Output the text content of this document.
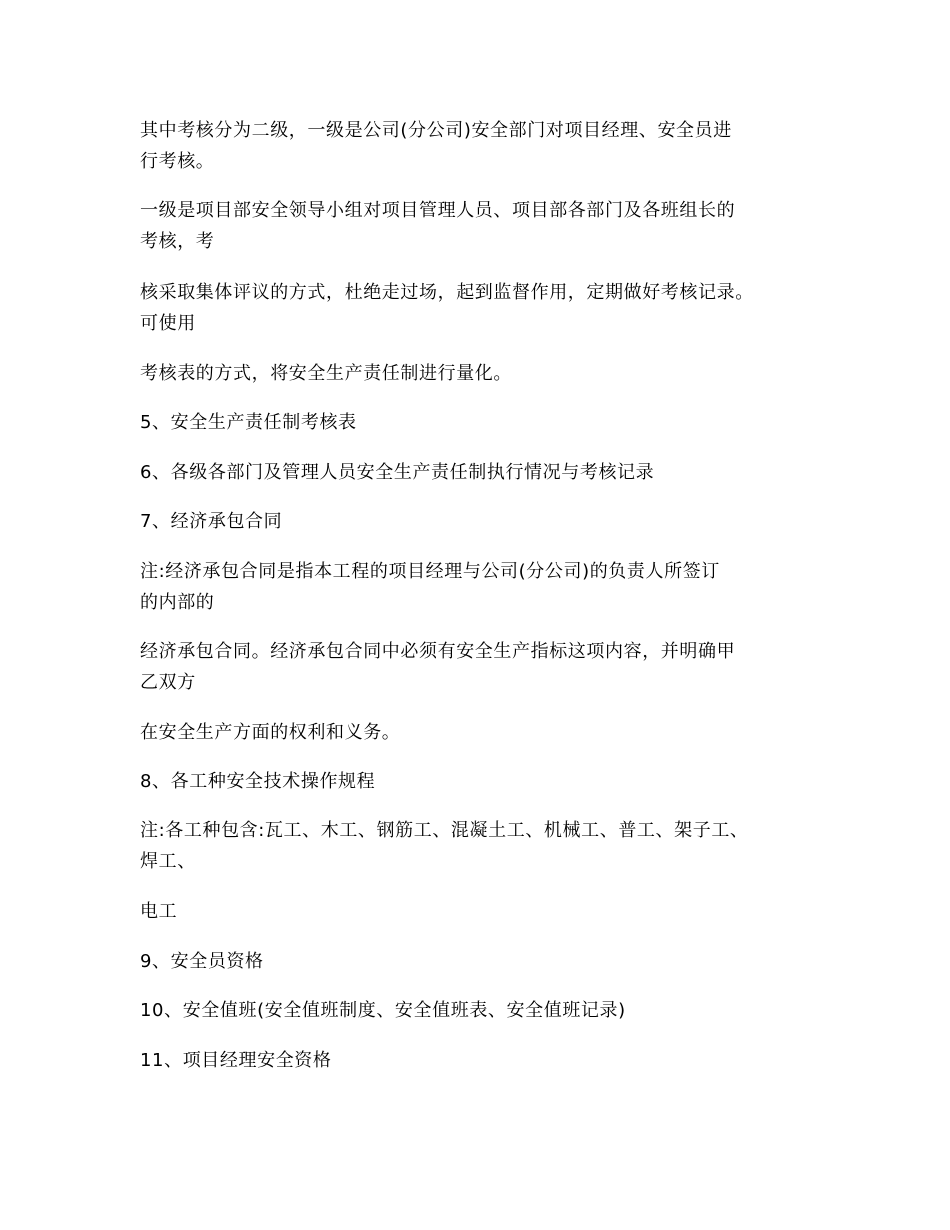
其中考核分为二级，一级是公司(分公司)安全部门对项目经理、安全员进
行考核。
一级是项目部安全领导小组对项目管理人员、项目部各部门及各班组长的
考核，考
核采取集体评议的方式，杜绝走过场，起到监督作用，定期做好考核记录。
可使用
考核表的方式，将安全生产责任制进行量化。
5、安全生产责任制考核表
6、各级各部门及管理人员安全生产责任制执行情况与考核记录
7、经济承包合同
注:经济承包合同是指本工程的项目经理与公司(分公司)的负责人所签订
的内部的
经济承包合同。经济承包合同中必须有安全生产指标这项内容，并明确甲
乙双方
在安全生产方面的权利和义务。
8、各工种安全技术操作规程
注:各工种包含:瓦工、木工、钢筋工、混凝土工、机械工、普工、架子工、
焊工、
电工
9、安全员资格
10、安全值班(安全值班制度、安全值班表、安全值班记录)
11、项目经理安全资格
